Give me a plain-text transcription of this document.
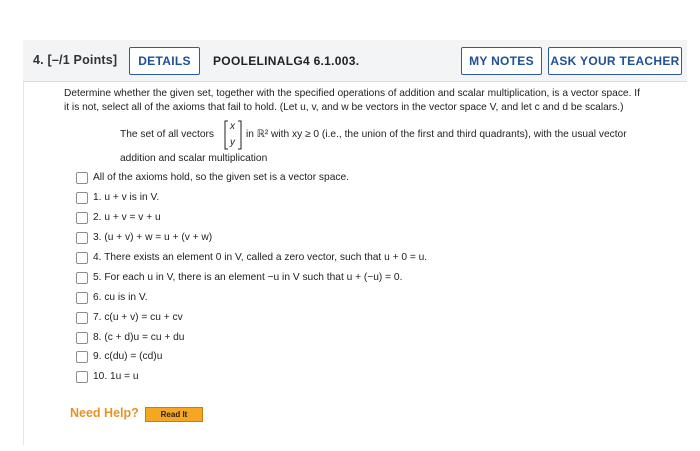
4. [–/1 Points]	DETAILS	POOLELINALG4 6.1.003.	MY NOTES	ASK YOUR TEACHER
Determine whether the given set, together with the specified operations of addition and scalar multiplication, is a vector space. If
it is not, select all of the axioms that fail to hold. (Let u, v, and w be vectors in the vector space V, and let c and d be scalars.)
The set of all vectors
x
y
in ℝ² with xy ≥ 0 (i.e., the union of the first and third quadrants), with the usual vector
addition and scalar multiplication
All of the axioms hold, so the given set is a vector space.
1. u + v is in V.
2. u + v = v + u
3. (u + v) + w = u + (v + w)
4. There exists an element 0 in V, called a zero vector, such that u + 0 = u.
5. For each u in V, there is an element −u in V such that u + (−u) = 0.
6. cu is in V.
7. c(u + v) = cu + cv
8. (c + d)u = cu + du
9. c(du) = (cd)u
10. 1u = u
Need Help?	Read It
